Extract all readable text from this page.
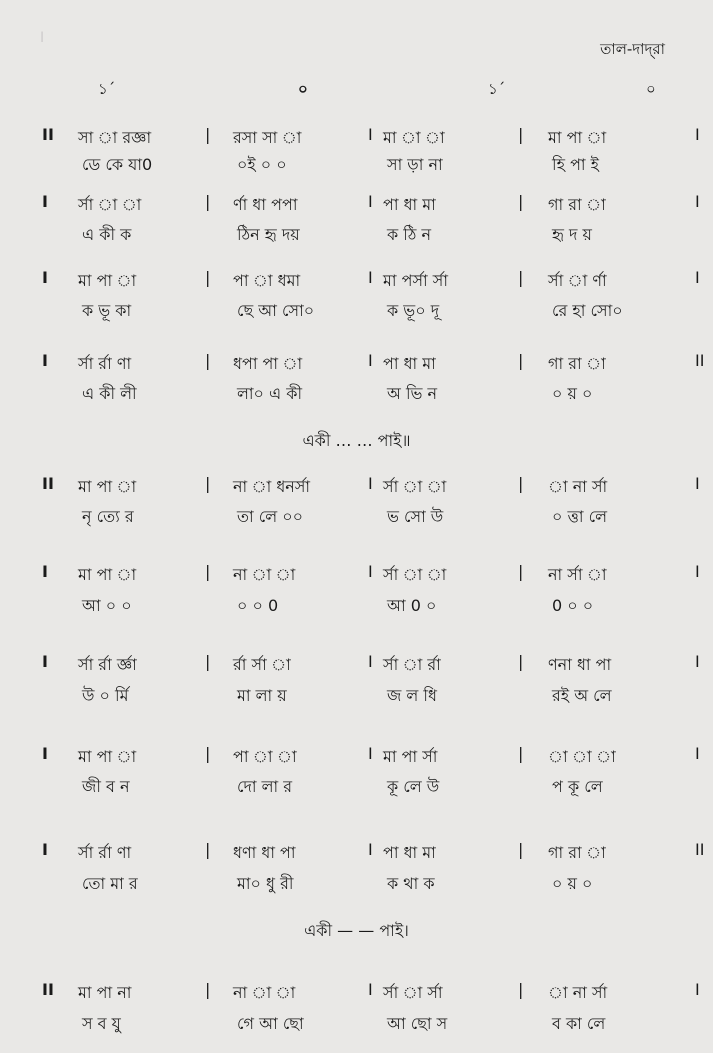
I
তাল-দাদ্‌রা
১´	০	১´	০
II	|	I	|	I
সা া রজ্ঞা	রসা সা া	মা া া	মা পা া
ডে কে যা0	০ই ০ ০	সা ড়া না	হি পা ই
I	|	I	|	I
র্সা া া	র্ণা ধা পপা	পা ধা মা	গা রা া
এ কী ক	ঠিন হৃ দয়	ক ঠি ন	হৃ দ য়
I	|	I	|	I
মা পা া	পা া ধমা	মা পর্সা র্সা	র্সা া র্ণা
ক ভূ কা	ছে আ সো০	ক ভূ০ দূ	রে হা সো০
I	|	I	|	II
র্সা র্রা ণা	ধপা পা া	পা ধা মা	গা রা া
এ কী লী	লা০ এ কী	অ ভি ন	০ য় ০
II	|	I	|	I
মা পা া	না া ধনর্সা	র্সা া া	া না র্সা
নৃ ত্যে র	তা লে ০০	ভ সো উ	০ ত্তা লে
I	|	I	|	I
মা পা া	না া া	র্সা া া	না র্সা া
আ ০ ০	০ ০ 0	আ 0 ০	0 ০ ০
I	|	I	|	I
র্সা র্রা র্জ্ঞা	র্রা র্সা া	র্সা া র্রা	ণনা ধা পা
উ ০ র্মি	মা লা য়	জ ল ধি	রই অ লে
I	|	I	|	I
মা পা া	পা া া	মা পা র্সা	া া া
জী ব ন	দো লা র	কূ লে উ	প কূ লে
I	|	I	|	II
র্সা র্রা ণা	ধণা ধা পা	পা ধা মা	গা রা া
তো মা র	মা০ ধু রী	ক থা ক	০ য় ০
II	|	I	|	I
মা পা না	না া া	র্সা া র্সা	া না র্সা
স ব যু	গে আ ছো	আ ছো স	ব কা লে
একী … … পাই॥
একী — — পাই।
